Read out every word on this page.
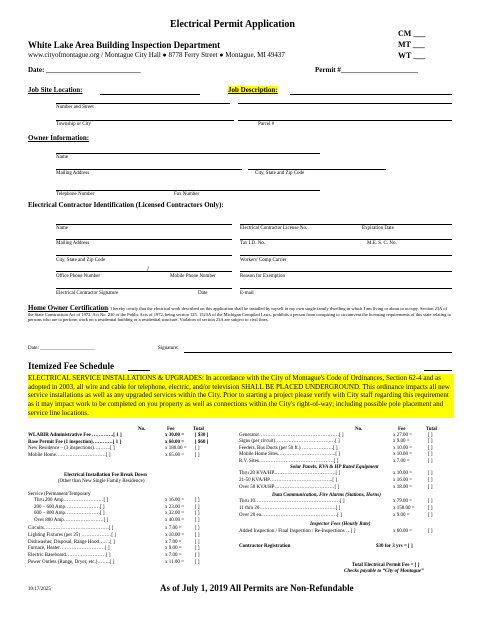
Electrical Permit Application
CM ___
MT ___
WT ___
White Lake Area Building Inspection Department
www.cityofmontague.org / Montague City Hall ● 8778 Ferry Street ● Montague, MI 49437
Date: ___________________________	Permit #______________________
Job Site Location:	Job Description:
Number and Street
Township or City	Parcel #
Owner Information:
Name
Mailing Address	City, State and Zip Code
Telephone Number	Fax Number
Electrical Contractor Identification (Licensed Contractors Only):
Name	Electrical Contractor License No.	Expiration Date
Mailing Address	Tax I.D. No.	M.E. S. C. No.
City, State and Zip Code	Workers' Comp Carrier
/
Office Phone Number	Mobile Phone Number	Reason for Exemption
Electrical Contractor Signature	Date	E-mail
Home Owner Certification: I hereby certify that the electrical work described on this application shall be installed by myself in my own single family dwelling in which I am living or about to occupy. Section 23A of the State Construction Act of 1972, Act No. 230 of the Public Acts of 1972, being section 125. 1523A of the Michigan Compiled Laws, prohibits a person from conspiring to circumvent the licensing requirements of this state relating to persons who are to perform work on a residential building or a residential structure. Violators of section 23A are subject to civil fines.
Date: ______________________	Signature:
Itemized Fee Schedule
ELECTRICAL SERVICE INSTALLATIONS & UPGRADES: In accordance with the City of Montague's Code of Ordinances, Section 62-4 and as adopted in 2003, all wire and cable for telephone, electric, and/or television SHALL BE PLACED UNDERGROUND. This ordinance impacts all new service installations as well as any upgraded services within the City. Prior to starting a project please verify with City staff regarding this requirement as it may impact work to be completed on you property as well as connections within the City's right-of-way; including possible pole placement and service line locations.
No.	Fee	Total
WLABIR Administrative Fee ………….[ 1 ]	x 30.00 = [ $30 ]
Base Permit Fee (1 inspection)…………[ 1 ]	x 60.00 = [ $60 ]
New Residence – (3 inspections)……….[ ]	x 180.00 = [ ]
Mobile Home…………………………[ ]	x 65.00 = [ ]
Electrical Installation Fee Break Down
(Other than New Single Family Residence)
Service (Permanent/Temporary
Thru 200 Amp……………………[ ]	x 16.00 = [ ]
200 – 600 Amp…………………[ ]	x 23.00 = [ ]
600 – 800 Amp…………………[ ]	x 32.00 = [ ]
Over 800 Amp……………………[ ]	x 40.00 = [ ]
Circuits…………………………………[ ]	x 7.00 =	[ ]
Lighting Fixtures (per 25) ………………[ ]	x 10.00 = [ ]
Dishwasher, Disposal, Range Hood…….[ ]	x 7.00 =	[ ]
Furnace, Heater………………………[ ]	x 9.00 =	[ ]
Electric Baseboard……………………[ ]	x 7.00 =	[ ]
Power Outlets (Range, Dryer, etc.)……..[ ]	x 11.00 = [ ]
No.	Fee	Total
Generator…………………………………………[ ]	x 27.00 =	[ ]
Signs (per circuit)………………………………[ ]	x 9.00 =	[ ]
Feeders, Bus Ducts (per 50 ft.) ……………….[ ]	x 10.00 =	[ ]
Mobile Home Sites……………………………..[ ]	x 10.00 =	[ ]
R.V. Sites………………………………………[ ]	x 7.00 =	[ ]
Solar Panels, KVA & HP Rated Equipment
Thru 20 KVA/HP……………………………….[ ]	x 10.00 =	[ ]
21-50 KVA/HP………………………………..[ ]	x 16.00 =	[ ]
Over 50 KVA/HP………………………………[ ]	x 18.00 =	[ ]
Data Communication, Fire Alarms (Stations, Horns)
Thru 10……………………………………………[ ]	x 79.00 =	[ ]
11 thru 20……………………………………….[ ]	x 158.00 =	[ ]
Over 20 ea.………………………………………[ ]	x 9.00 =	[ ]
Inspector Fees (Hourly Rate)
Added Inspection / Final Inspection / Re-Inspections …[ ]	x 60.00 =	[ ]
Contractor Registration	$30 for 3 yrs = [ ]
Total Electrical Permit Fee = [ ]
Checks payable to “City of Montague”
10/17/2025	As of July 1, 2019 All Permits are Non-Refundable
